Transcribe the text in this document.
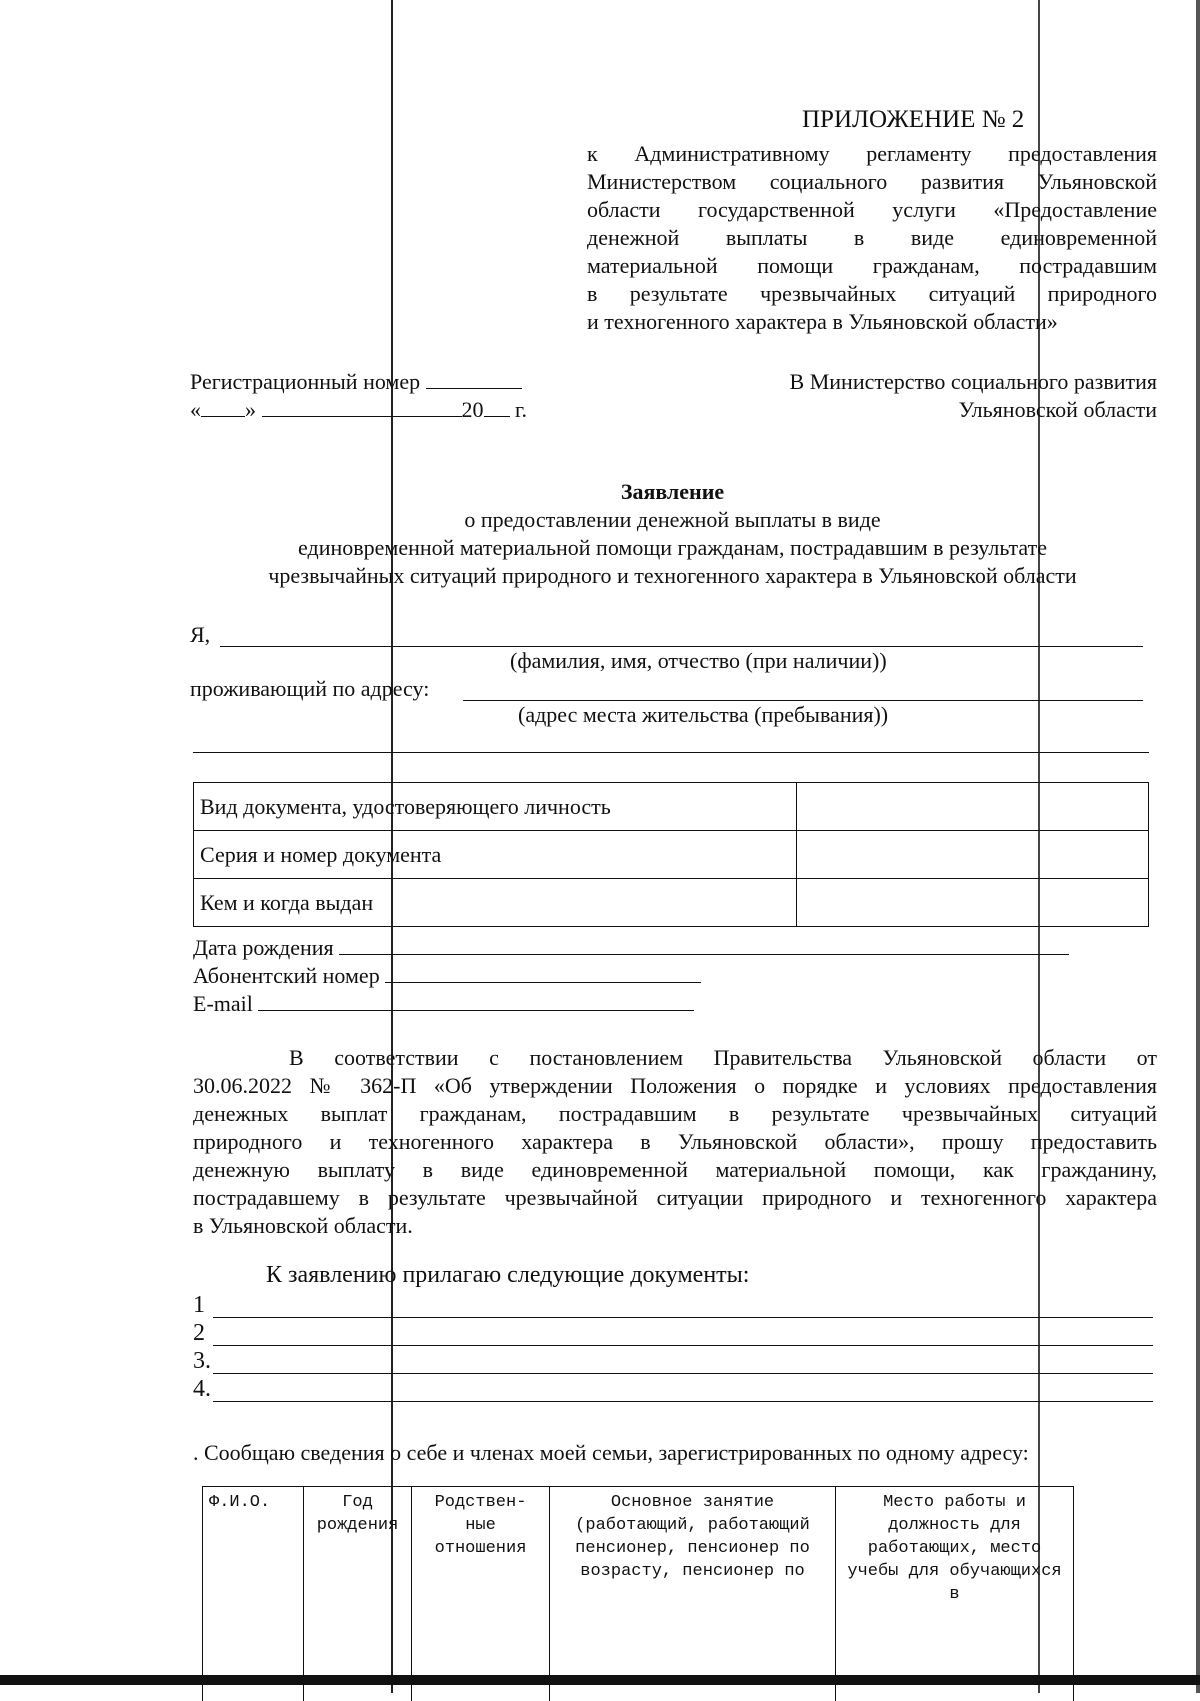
ПРИЛОЖЕНИЕ № 2
к Административному регламенту предоставления
Министерством социального развития Ульяновской
области государственной услуги «Предоставление
денежной выплаты в виде единовременной
материальной помощи гражданам, пострадавшим
в результате чрезвычайных ситуаций природного
и техногенного характера в Ульяновской области»
Регистрационный номер
« »	20 г.
В Министерство социального развития
Ульяновской области
Заявление
о предоставлении денежной выплаты в виде
единовременной материальной помощи гражданам, пострадавшим в результате
чрезвычайных ситуаций природного и техногенного характера в Ульяновской области
Я,
(фамилия, имя, отчество (при наличии))
проживающий по адресу:
(адрес места жительства (пребывания))
Вид документа, удостоверяющего личность	
Серия и номер документа	
Кем и когда выдан	
Дата рождения
Абонентский номер
E-mail
В соответствии с постановлением Правительства Ульяновской области от
30.06.2022 № 362-П «Об утверждении Положения о порядке и условиях предоставления
денежных выплат гражданам, пострадавшим в результате чрезвычайных ситуаций
природного и техногенного характера в Ульяновской области», прошу предоставить
денежную выплату в виде единовременной материальной помощи, как гражданину,
пострадавшему в результате чрезвычайной ситуации природного и техногенного характера
в Ульяновской области.
К заявлению прилагаю следующие документы:
1
2
3.
4.
. Сообщаю сведения о себе и членах моей семьи, зарегистрированных по одному адресу:
Ф.И.О.	Год рождения	Родствен- ные отношения	Основное занятие (работающий, работающий пенсионер, пенсионер по возрасту, пенсионер по	Место работы и должность для работающих, место учебы для обучающихся в
